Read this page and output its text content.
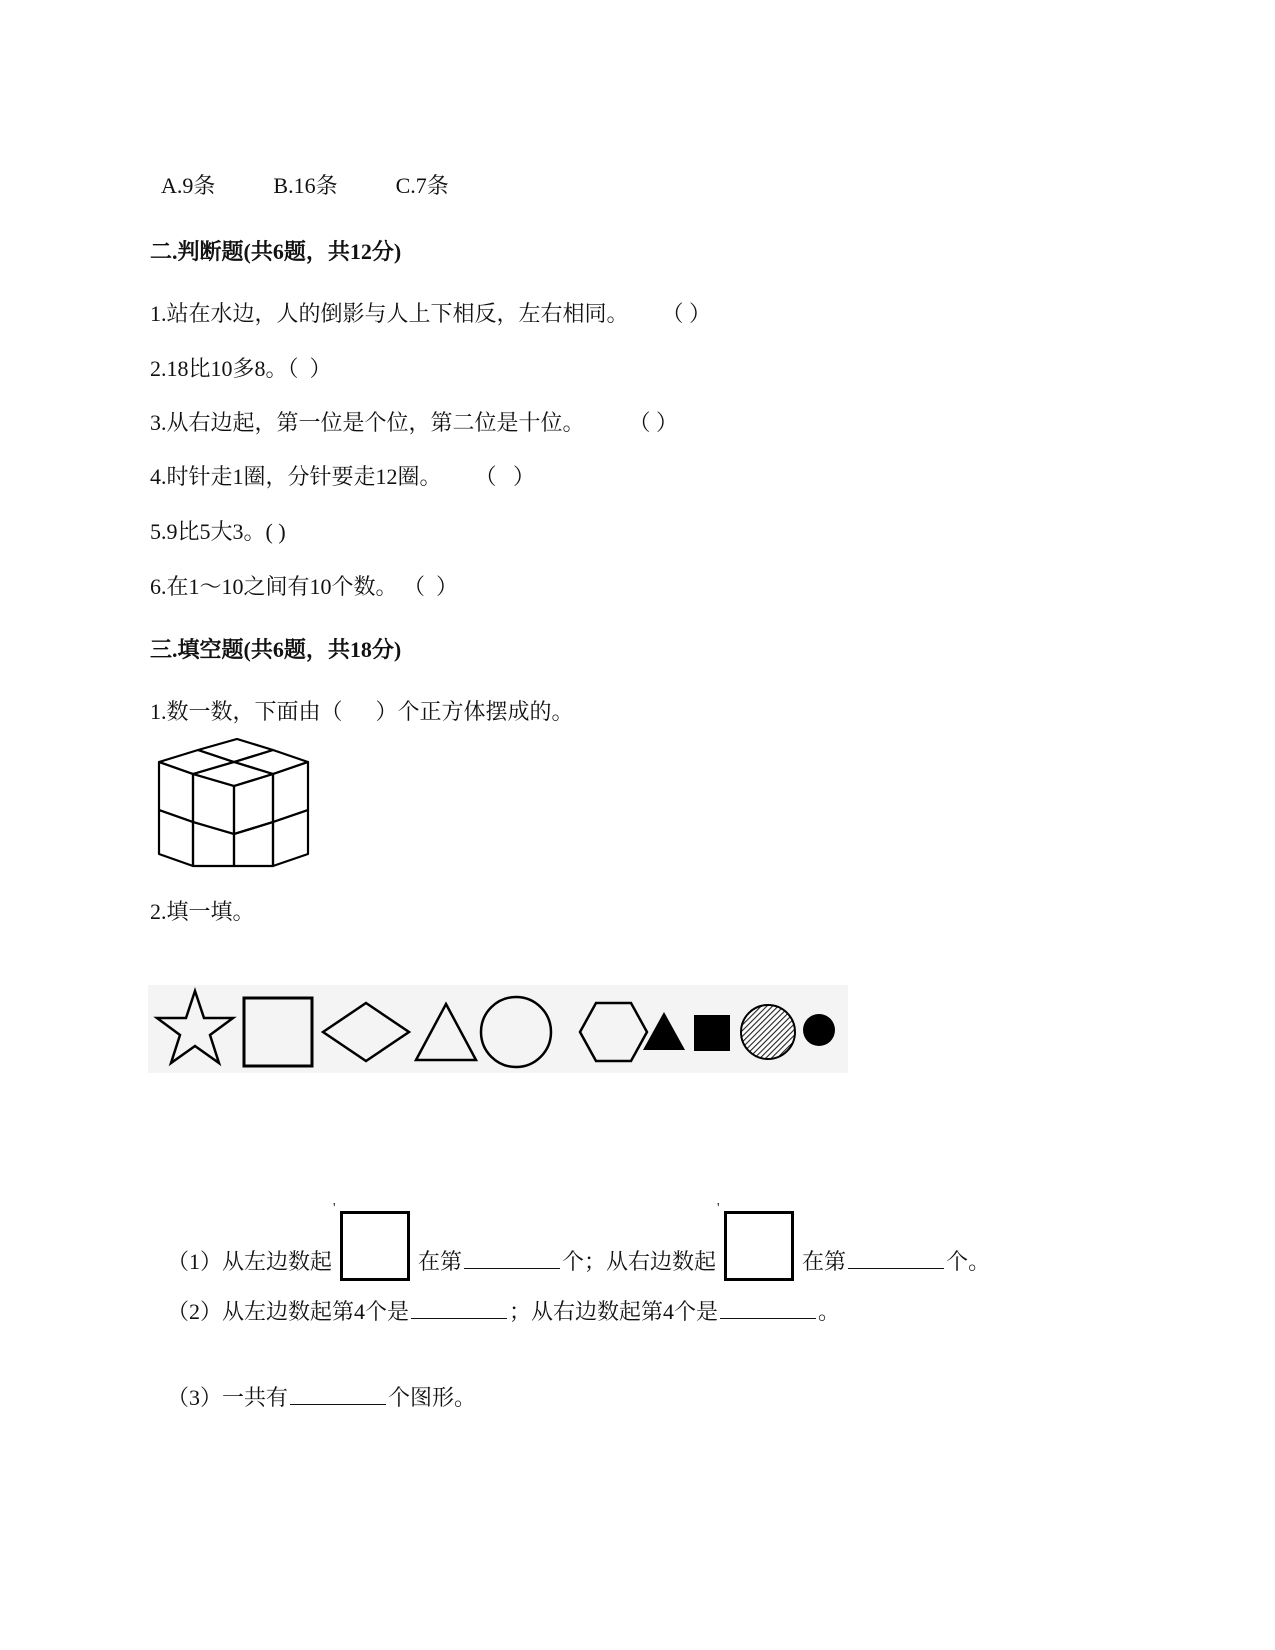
A.9条	B.16条	C.7条

二.判断题(共6题，共12分)
1.站在水边，人的倒影与人上下相反，左右相同。      （ ）
2.18比10多8。（  ）
3.从右边起，第一位是个位，第二位是十位。        （ ）
4.时针走1圈，分针要走12圈。      （   ）
5.9比5大3。( )
6.在1～10之间有10个数。 （  ）
三.填空题(共6题，共18分)
1.数一数，下面由（      ）个正方体摆成的。
2.填一填。

（1）从左边数起
'
在第	个；从右边数起
'
在第	个。

（2）从左边数起第4个是	；从右边数起第4个是	。

（3）一共有	个图形。
